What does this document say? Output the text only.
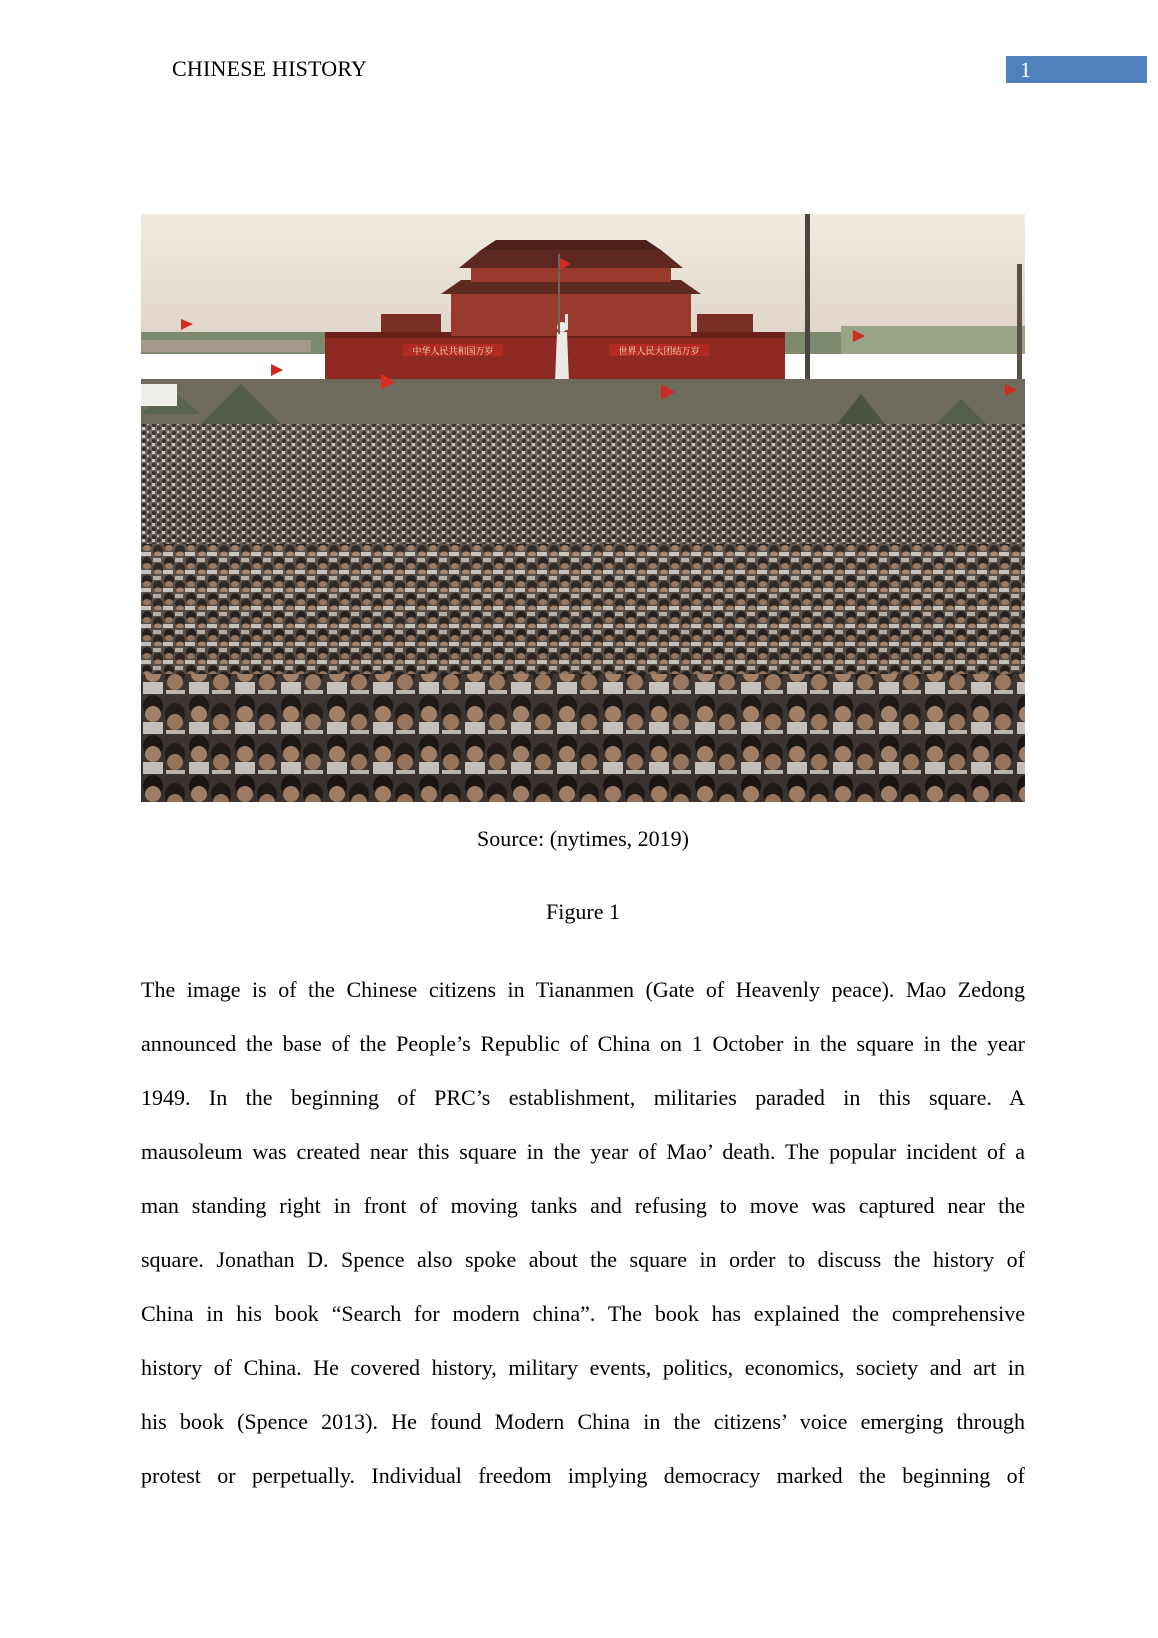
CHINESE HISTORY	1
中华人民共和国万岁	世界人民大团结万岁
Source: (nytimes, 2019)
Figure 1
The image is of the Chinese citizens in Tiananmen (Gate of Heavenly peace). Mao Zedong
announced the base of the People’s Republic of China on 1 October in the square in the year
1949. In the beginning of PRC’s establishment, militaries paraded in this square. A
mausoleum was created near this square in the year of Mao’ death. The popular incident of a
man standing right in front of moving tanks and refusing to move was captured near the
square. Jonathan D. Spence also spoke about the square in order to discuss the history of
China in his book “Search for modern china”. The book has explained the comprehensive
history of China. He covered history, military events, politics, economics, society and art in
his book (Spence 2013). He found Modern China in the citizens’ voice emerging through
protest or perpetually. Individual freedom implying democracy marked the beginning of
